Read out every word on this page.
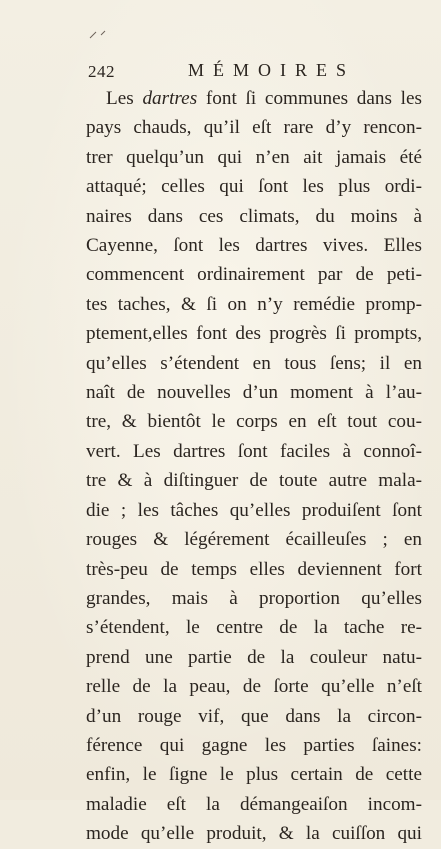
242	MÉMOIRES
Les dartres font ſi communes dans les
pays chauds, qu’il eſt rare d’y rencon-
trer quelqu’un qui n’en ait jamais été
attaqué; celles qui ſont les plus ordi-
naires dans ces climats, du moins à
Cayenne, ſont les dartres vives. Elles
commencent ordinairement par de peti-
tes taches, & ſi on n’y remédie promp-
ptement,elles font des progrès ſi prompts,
qu’elles s’étendent en tous ſens; il en
naît de nouvelles d’un moment à l’au-
tre, & bientôt le corps en eſt tout cou-
vert. Les dartres ſont faciles à connoî-
tre & à diſtinguer de toute autre mala-
die ; les tâches qu’elles produiſent ſont
rouges & légérement écailleuſes ; en
très-peu de temps elles deviennent fort
grandes, mais à proportion qu’elles
s’étendent, le centre de la tache re-
prend une partie de la couleur natu-
relle de la peau, de ſorte qu’elle n’eſt
d’un rouge vif, que dans la circon-
férence qui gagne les parties ſaines:
enfin, le ſigne le plus certain de cette
maladie eſt la démangeaiſon incom-
mode qu’elle produit, & la cuiſſon qui
